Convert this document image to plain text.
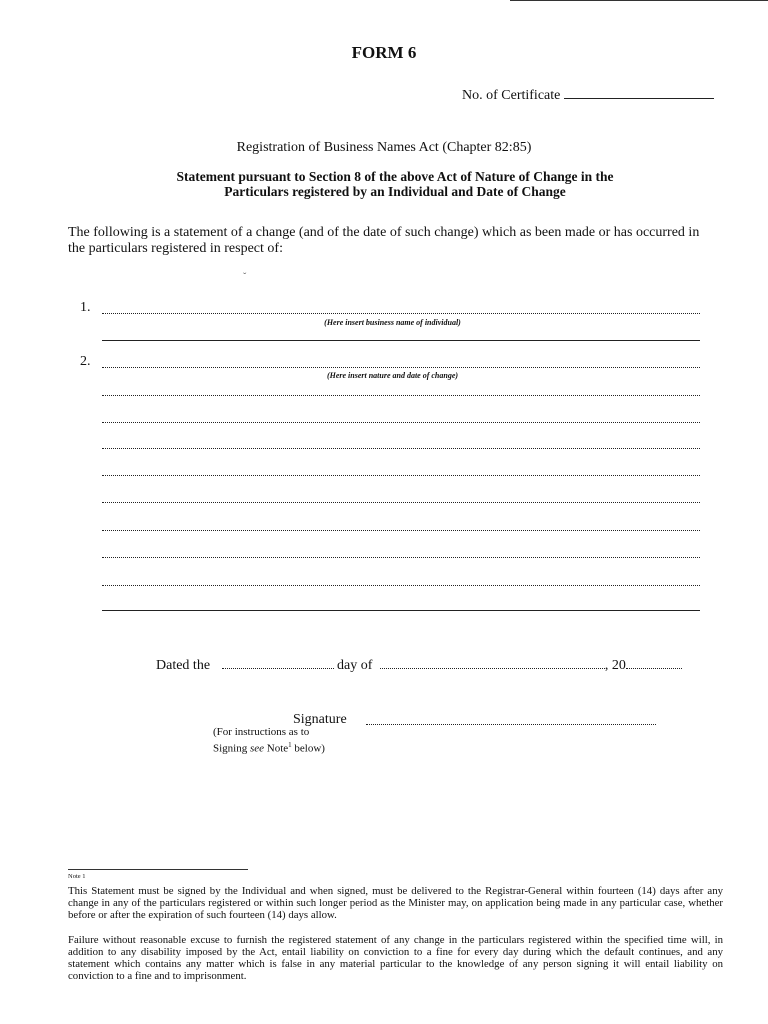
FORM 6
No. of Certificate
Registration of Business Names Act (Chapter 82:85)
Statement pursuant to Section 8 of the above Act of Nature of Change in the
Particulars registered by an Individual and Date of Change
The following is a statement of a change (and of the date of such change) which as been made or has occurred in the particulars registered in respect of:
ˇ
1.
(Here insert business name of individual)
2.
(Here insert nature and date of change)
Dated the	day of	, 20
Signature
(For instructions as to
Signing see Note$^1$ below)
Note 1
This Statement must be signed by the Individual and when signed, must be delivered to the Registrar-General within fourteen (14) days after any change in any of the particulars registered or within such longer period as the Minister may, on application being made in any particular case, whether before or after the expiration of such fourteen (14) days allow.
Failure without reasonable excuse to furnish the registered statement of any change in the particulars registered within the specified time will, in addition to any disability imposed by the Act, entail liability on conviction to a fine for every day during which the default continues, and any statement which contains any matter which is false in any material particular to the knowledge of any person signing it will entail liability on conviction to a fine and to imprisonment.
